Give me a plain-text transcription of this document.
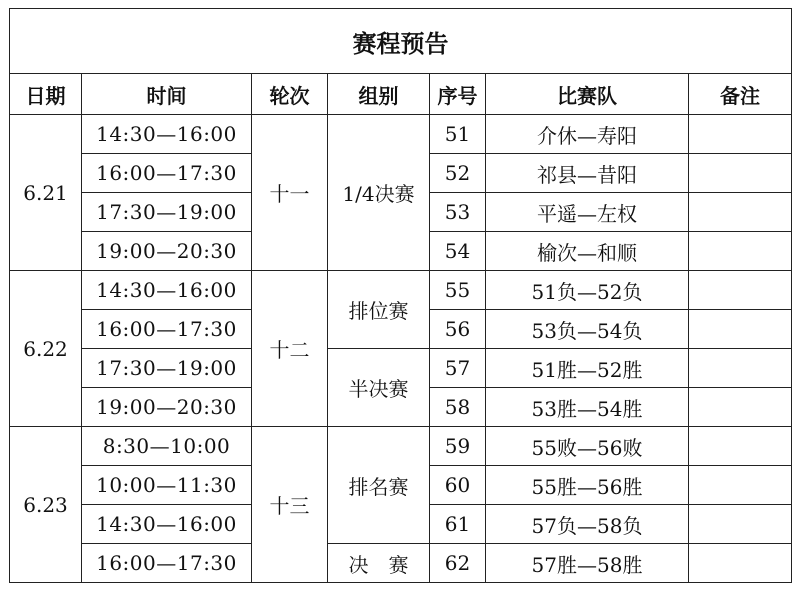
赛程预告						
日期	时间	轮次	组别	序号	比赛队	备注
6.21	14:30—16:00	十一	1/4决赛	51	介休—寿阳	
	16:00—17:30			52	祁县—昔阳	
	17:30—19:00			53	平遥—左权	
	19:00—20:30			54	榆次—和顺	
6.22	14:30—16:00	十二	排位赛	55	51负—52负	
	16:00—17:30			56	53负—54负	
	17:30—19:00		半决赛	57	51胜—52胜	
	19:00—20:30			58	53胜—54胜	
6.23	8:30—10:00	十三	排名赛	59	55败—56败	
	10:00—11:30			60	55胜—56胜	
	14:30—16:00			61	57负—58负	
	16:00—17:30		决　赛	62	57胜—58胜	
